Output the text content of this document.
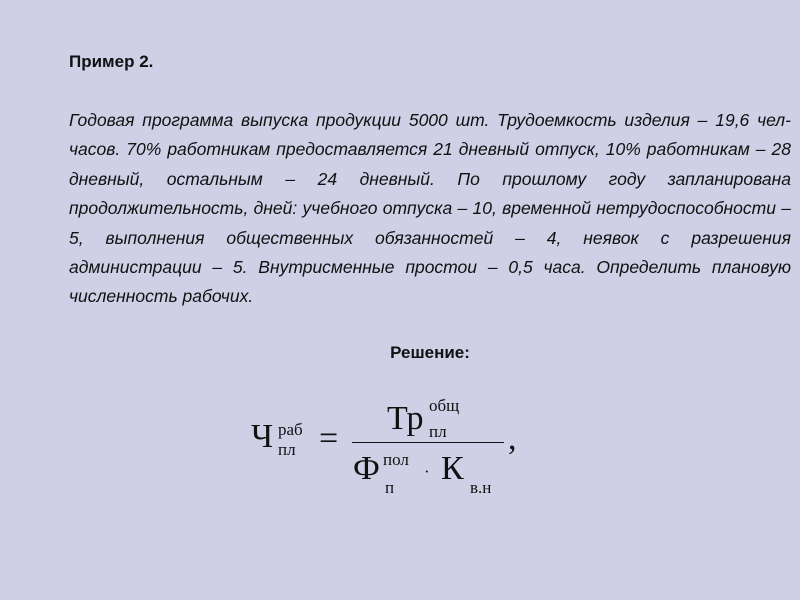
Пример 2.

Годовая программа выпуска продукции 5000 шт. Трудоемкость изделия – 19,6 чел-часов. 70% работникам предоставляется 21 дневный отпуск, 10% работникам – 28 дневный, остальным – 24 дневный. По прошлому году запланирована продолжительность, дней: учебного отпуска – 10, временной нетрудоспособности – 5, выполнения общественных обязанностей – 4, неявок с разрешения администрации – 5. Внутрисменные простои – 0,5 часа. Определить плановую численность рабочих.

Решение:
Ч раб
пл =
Тр общ
пл
Ф пол
п
· К
в.н
,
